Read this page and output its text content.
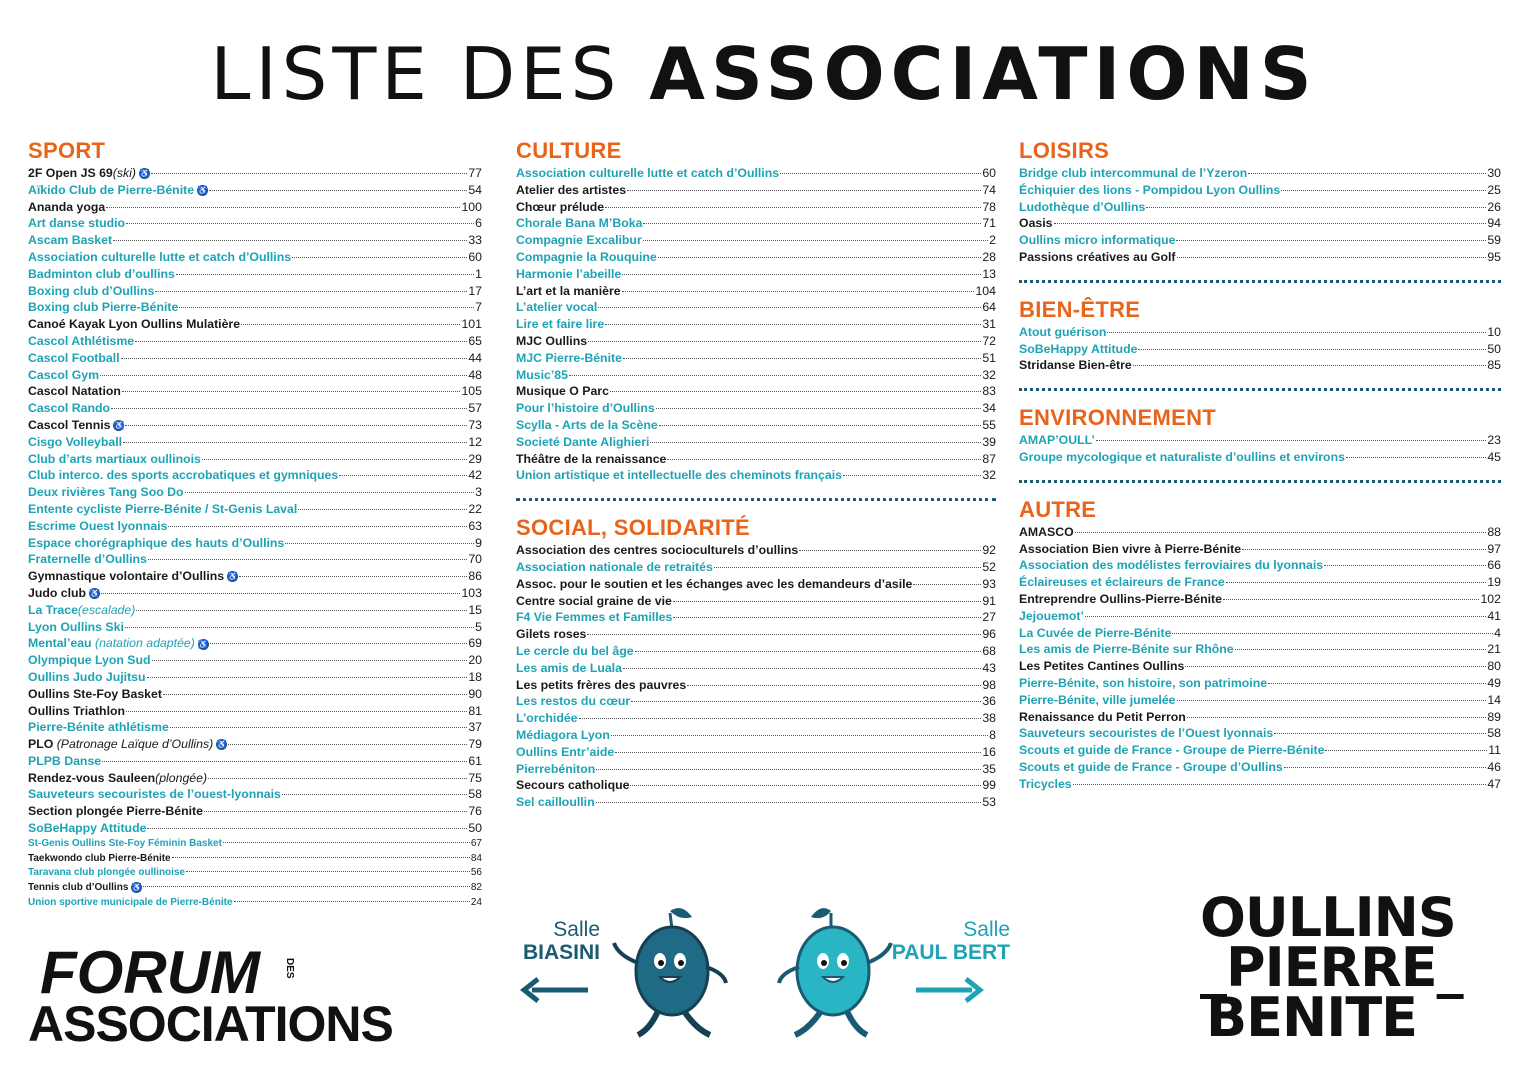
LISTE DES ASSOCIATIONS
SPORT
2F Open JS 69(ski) ♿	77
Aïkido Club de Pierre-Bénite ♿	54
Ananda yoga	100
Art danse studio	6
Ascam Basket	33
Association culturelle lutte et catch d’Oullins	60
Badminton club d’oullins	1
Boxing club d’Oullins	17
Boxing club Pierre-Bénite	7
Canoé Kayak Lyon Oullins Mulatière	101
Cascol Athlétisme	65
Cascol Football	44
Cascol Gym	48
Cascol Natation	105
Cascol Rando	57
Cascol Tennis ♿	73
Cisgo Volleyball	12
Club d’arts martiaux oullinois	29
Club interco. des sports accrobatiques et gymniques	42
Deux rivières Tang Soo Do	3
Entente cycliste Pierre-Bénite / St-Genis Laval	22
Escrime Ouest lyonnais	63
Espace chorégraphique des hauts d’Oullins	9
Fraternelle d’Oullins	70
Gymnastique volontaire d’Oullins ♿	86
Judo club ♿	103
La Trace(escalade)	15
Lyon Oullins Ski	5
Mental’eau (natation adaptée) ♿	69
Olympique Lyon Sud	20
Oullins Judo Jujitsu	18
Oullins Ste-Foy Basket	90
Oullins Triathlon	81
Pierre-Bénite athlétisme	37
PLO (Patronage Laïque d’Oullins) ♿	79
PLPB Danse	61
Rendez-vous Sauleen(plongée)	75
Sauveteurs secouristes de l’ouest-lyonnais	58
Section plongée Pierre-Bénite	76
SoBeHappy Attitude	50
St-Genis Oullins Ste-Foy Féminin Basket	67
Taekwondo club Pierre-Bénite	84
Taravana club plongée oullinoise	56
Tennis club d’Oullins ♿	82
Union sportive municipale de Pierre-Bénite	24
CULTURE
Association culturelle lutte et catch d’Oullins	60
Atelier des artistes	74
Chœur prélude	78
Chorale Bana M’Boka	71
Compagnie Excalibur	2
Compagnie la Rouquine	28
Harmonie l’abeille	13
L’art et la manière	104
L’atelier vocal	64
Lire et faire lire	31
MJC Oullins	72
MJC Pierre-Bénite	51
Music’85	32
Musique O Parc	83
Pour l’histoire d’Oullins	34
Scylla - Arts de la Scène	55
Societé Dante Alighieri	39
Théâtre de la renaissance	87
Union artistique et intellectuelle des cheminots français	32
SOCIAL, SOLIDARITÉ
Association des centres socioculturels d’oullins	92
Association nationale de retraités	52
Assoc. pour le soutien et les échanges avec les demandeurs d’asile	93
Centre social graine de vie	91
F4 Vie Femmes et Familles	27
Gilets roses	96
Le cercle du bel âge	68
Les amis de Luala	43
Les petits frères des pauvres	98
Les restos du cœur	36
L’orchidée	38
Médiagora Lyon	8
Oullins Entr’aide	16
Pierrebéniton	35
Secours catholique	99
Sel cailloullin	53
LOISIRS
Bridge club intercommunal de l’Yzeron	30
Échiquier des lions - Pompidou Lyon Oullins	25
Ludothèque d’Oullins	26
Oasis	94
Oullins micro informatique	59
Passions créatives au Golf	95
BIEN-ÊTRE
Atout guérison	10
SoBeHappy Attitude	50
Stridanse Bien-être	85
ENVIRONNEMENT
AMAP’OULL’	23
Groupe mycologique et naturaliste d’oullins et environs	45
AUTRE
AMASCO	88
Association Bien vivre à Pierre-Bénite	97
Association des modélistes ferroviaires du lyonnais	66
Éclaireuses et éclaireurs de France	19
Entreprendre Oullins-Pierre-Bénite	102
Jejouemot’	41
La Cuvée de Pierre-Bénite	4
Les amis de Pierre-Bénite sur Rhône	21
Les Petites Cantines Oullins	80
Pierre-Bénite, son histoire, son patrimoine	49
Pierre-Bénite, ville jumelée	14
Renaissance du Petit Perron	89
Sauveteurs secouristes de l’Ouest lyonnais	58
Scouts et guide de France - Groupe de Pierre-Bénite	11
Scouts et guide de France - Groupe d’Oullins	46
Tricycles	47
FORUM DES
ASSOCIATIONS
Salle
BIASINI
Salle
PAUL BERT
OULLINS
_PIERRE_
BENITE
